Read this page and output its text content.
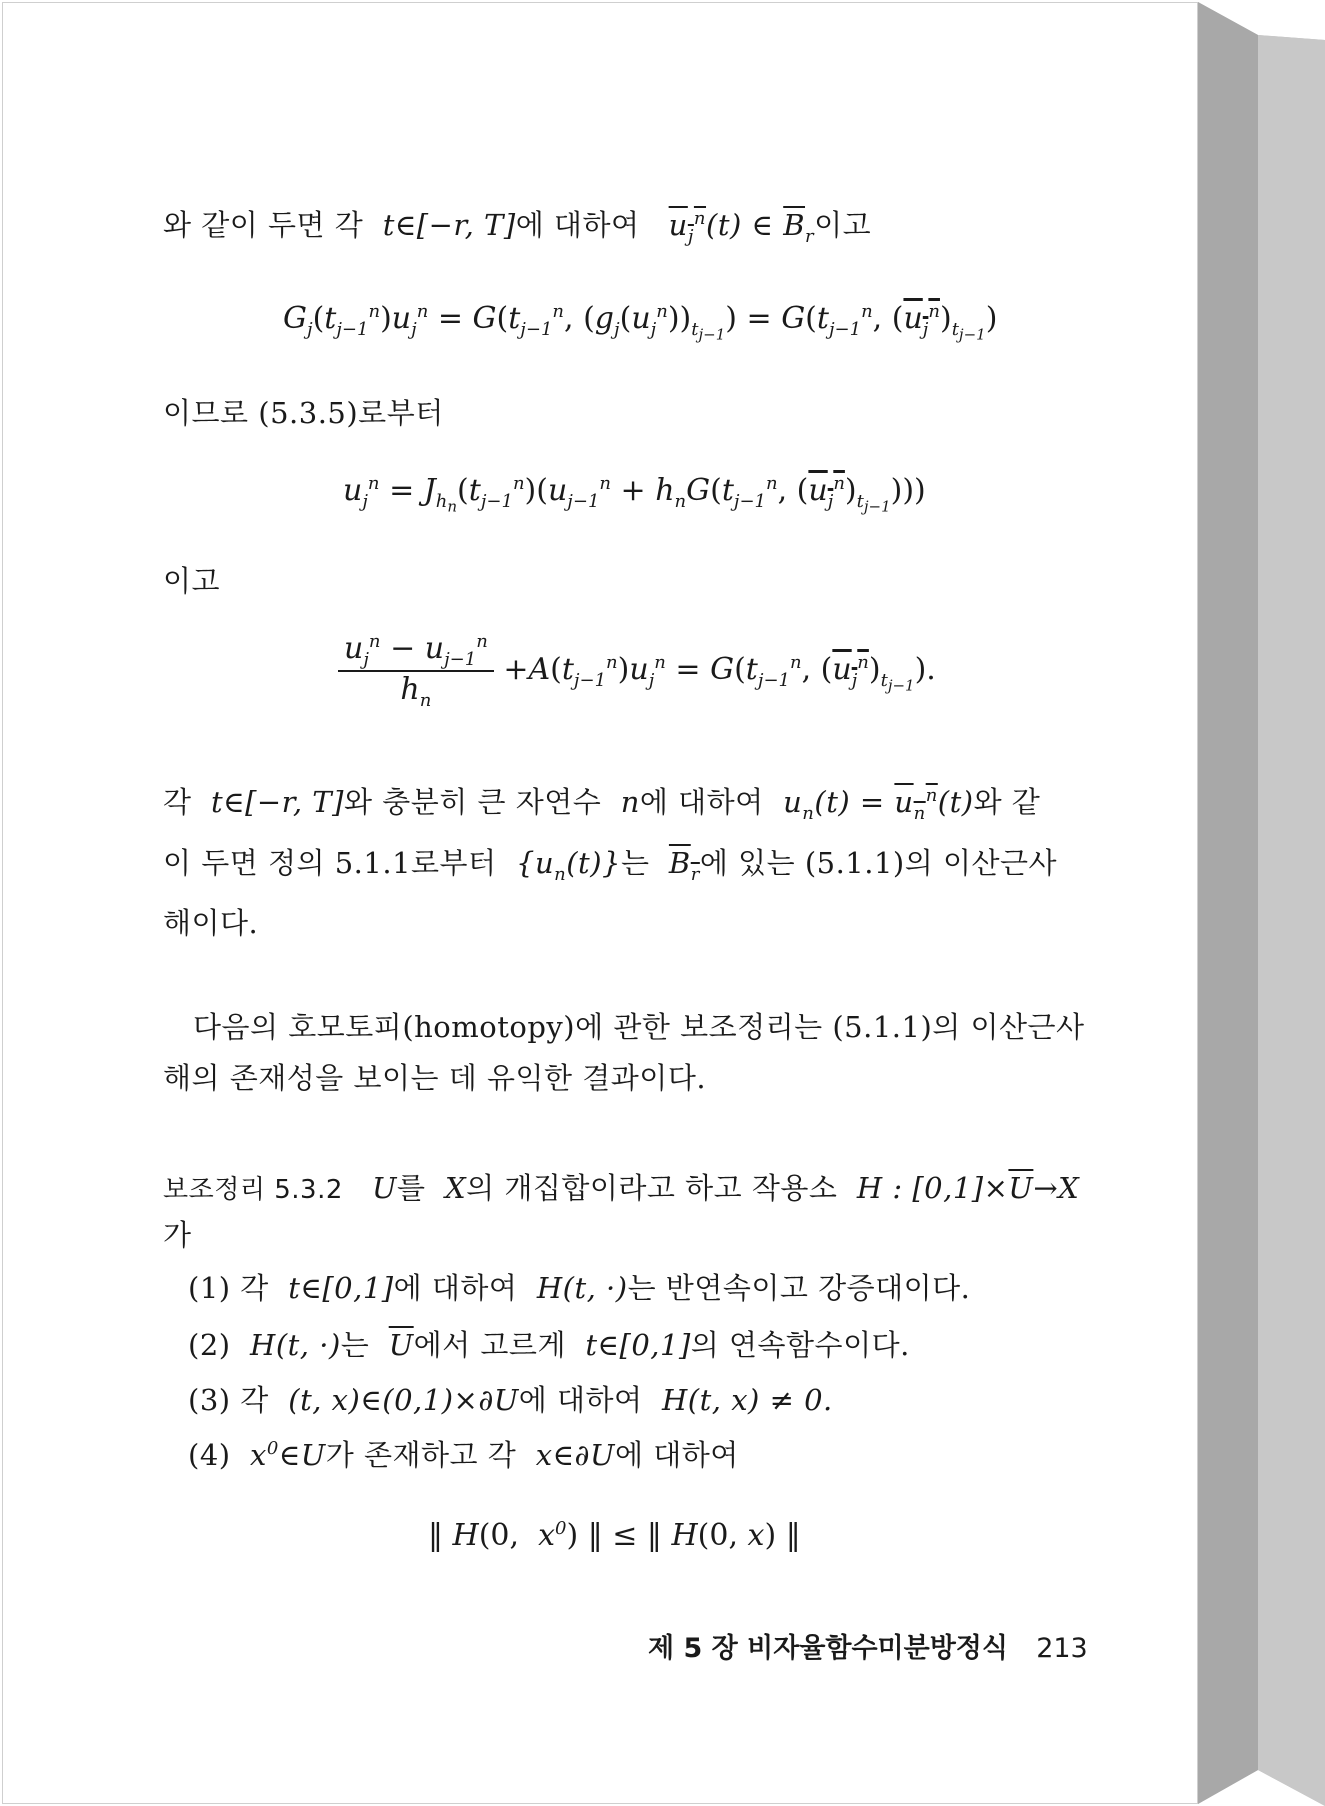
와 같이 두면 각 t∈[−r, T]에 대하여 $u_j^n(t)$ ∈ $\overline{B}_r$이고
$G_j(t_{j-1}^n)u_j^n = G(t_{j-1}^n$, $(g_j(u_j^n))_{t_{j-1}}) = G(t_{j-1}^n$, $(u_j^n)_{t_{j-1}}$)
이므로 (5.3.5)로부터
$u_j^n = J_{h_n}(t_{j-1}^n)(u_{j-1}^n + h_nG(t_{j-1}^n$, $(u_j^n)_{t_{j-1}}$)))
이고
$\frac{u_j^n - u_{j-1}^n}{h_n} +A(t_{j-1}^n)u_j^n = G(t_{j-1}^n$, $(u_j^n)_{t_{j-1}}$).
각 t∈[−r, T]와 충분히 큰 자연수 n에 대하여 $u_n(t) = u_n^n(t)$와 같
이 두면 정의 5.1.1로부터 $\{u_n(t)\}$는 $B_r$에 있는 (5.1.1)의 이산근사
해이다.
다음의 호모토피(homotopy)에 관한 보조정리는 (5.1.1)의 이산근사
해의 존재성을 보이는 데 유익한 결과이다.
보조정리 5.3.2 U를 X의 개집합이라고 하고 작용소 H : $[0,1]\times\overline{U}\to X$
가
(1) 각 t∈[0,1]에 대하여 H(t, ·)는 반연속이고 강증대이다.
(2) H(t, ·)는 $\overline{U}$에서 고르게 t∈[0,1]의 연속함수이다.
(3) 각 (t, x)∈(0,1)×∂U에 대하여 H(t, x) ≠ 0.
(4) $x^0\in U$가 존재하고 각 x∈∂U에 대하여
‖ H(0,  $x^0$) ‖ ≤ ‖ H(0, x) ‖
제 5 장 비자율함수미분방정식 213
